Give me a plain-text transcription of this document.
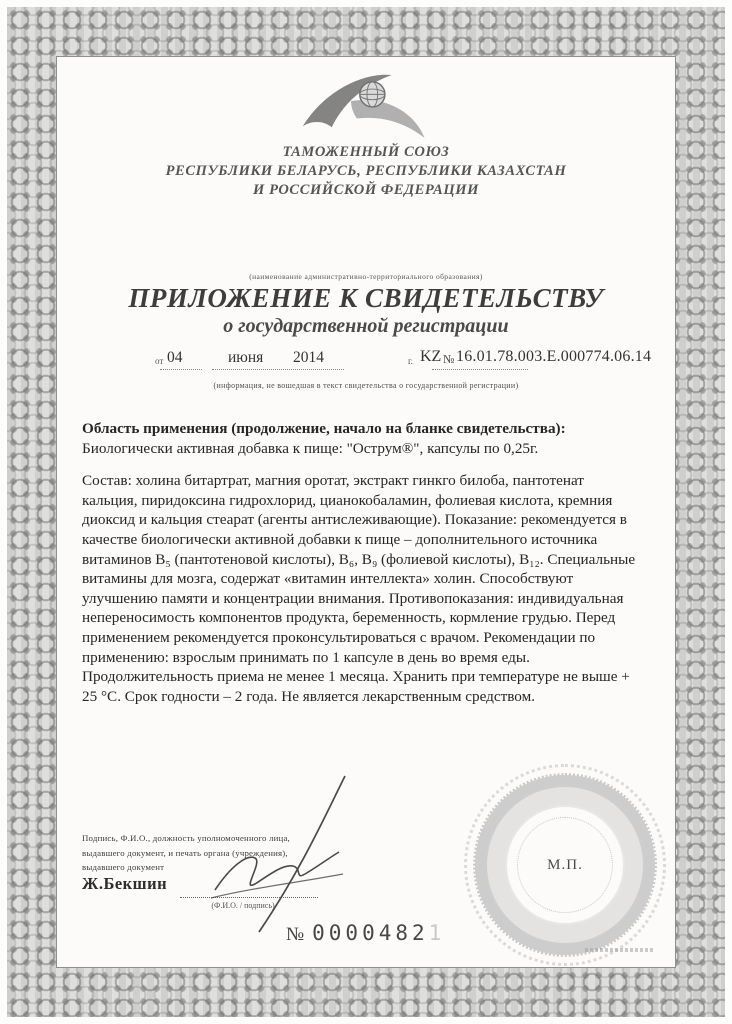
ТАМОЖЕННЫЙ СОЮЗ
РЕСПУБЛИКИ БЕЛАРУСЬ, РЕСПУБЛИКИ КАЗАХСТАН
И РОССИЙСКОЙ ФЕДЕРАЦИИ
(наименование административно-территориального образования)
ПРИЛОЖЕНИЕ К СВИДЕТЕЛЬСТВУ
о государственной регистрации
от 04	июня 2014	г. KZ № 16.01.78.003.Е.000774.06.14
(информация, не вошедшая в текст свидетельства о государственной регистрации)
Область применения (продолжение, начало на бланке свидетельства):
Биологически активная добавка к пище: "Острум®", капсулы по 0,25г.
Состав: холина битартрат, магния оротат, экстракт гинкго билоба, пантотенат
кальция, пиридоксина гидрохлорид, цианокобаламин, фолиевая кислота, кремния
диоксид и кальция стеарат (агенты антислеживающие). Показание: рекомендуется в
качестве биологически активной добавки к пище – дополнительного источника
витаминов В₅ (пантотеновой кислоты), В₆, В₉ (фолиевой кислоты), В₁₂. Специальные
витамины для мозга, содержат «витамин интеллекта» холин. Способствуют
улучшению памяти и концентрации внимания. Противопоказания: индивидуальная
непереносимость компонентов продукта, беременность, кормление грудью. Перед
применением рекомендуется проконсультироваться с врачом. Рекомендации по
применению: взрослым принимать по 1 капсуле в день во время еды.
Продолжительность приема не менее 1 месяца. Хранить при температуре не выше +
25 °С. Срок годности – 2 года. Не является лекарственным средством.
Подпись, Ф.И.О., должность уполномоченного лица,
выдавшего документ, и печать органа (учреждения),
выдавшего документ
Ж.Бекшин
(Ф.И.О. / подпись)
М.П.
№ 00004821
